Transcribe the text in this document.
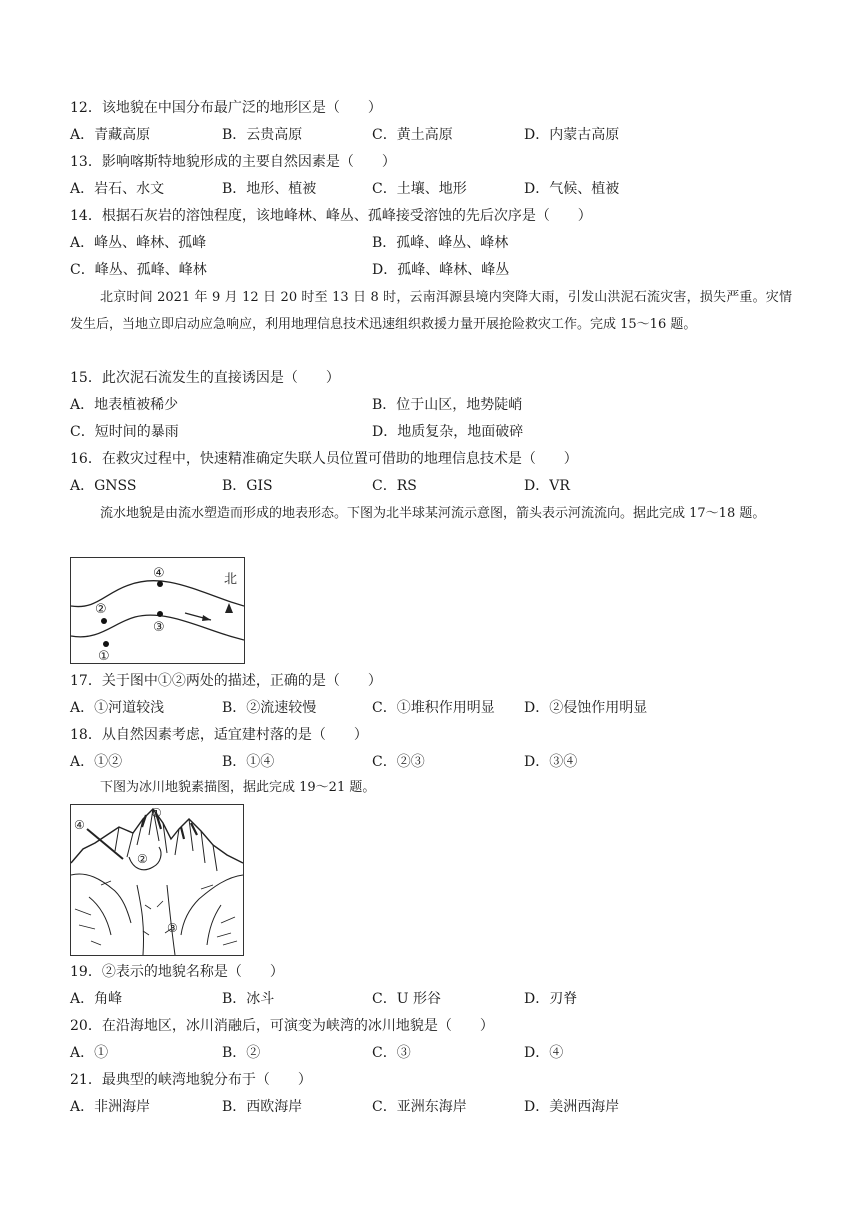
12．该地貌在中国分布最广泛的地形区是（　　）
A．青藏高原	B．云贵高原	C．黄土高原	D．内蒙古高原
13．影响喀斯特地貌形成的主要自然因素是（　　）
A．岩石、水文	B．地形、植被	C．土壤、地形	D．气候、植被
14．根据石灰岩的溶蚀程度，该地峰林、峰丛、孤峰接受溶蚀的先后次序是（　　）
A．峰丛、峰林、孤峰	B．孤峰、峰丛、峰林
C．峰丛、孤峰、峰林	D．孤峰、峰林、峰丛
北京时间 2021 年 9 月 12 日 20 时至 13 日 8 时，云南洱源县境内突降大雨，引发山洪泥石流灾害，损失严重。灾情发生后，当地立即启动应急响应，利用地理信息技术迅速组织救援力量开展抢险救灾工作。完成 15～16 题。
15．此次泥石流发生的直接诱因是（　　）
A．地表植被稀少	B．位于山区，地势陡峭
C．短时间的暴雨	D．地质复杂，地面破碎
16．在救灾过程中，快速精准确定失联人员位置可借助的地理信息技术是（　　）
A．GNSS	B．GIS	C．RS	D．VR
流水地貌是由流水塑造而形成的地表形态。下图为北半球某河流示意图，箭头表示河流流向。据此完成 17～18 题。
北
④
②
③
①
17．关于图中①②两处的描述，正确的是（　　）
A．①河道较浅	B．②流速较慢	C．①堆积作用明显 D．②侵蚀作用明显
18．从自然因素考虑，适宜建村落的是（　　）
A．①②	B．①④	C．②③	D．③④
下图为冰川地貌素描图，据此完成 19～21 题。
①
②
③
④
19．②表示的地貌名称是（　　）
A．角峰	B．冰斗	C．U 形谷	D．刃脊
20．在沿海地区，冰川消融后，可演变为峡湾的冰川地貌是（　　）
A．①	B．②	C．③	D．④
21．最典型的峡湾地貌分布于（　　）
A．非洲海岸	B．西欧海岸	C．亚洲东海岸	D．美洲西海岸
